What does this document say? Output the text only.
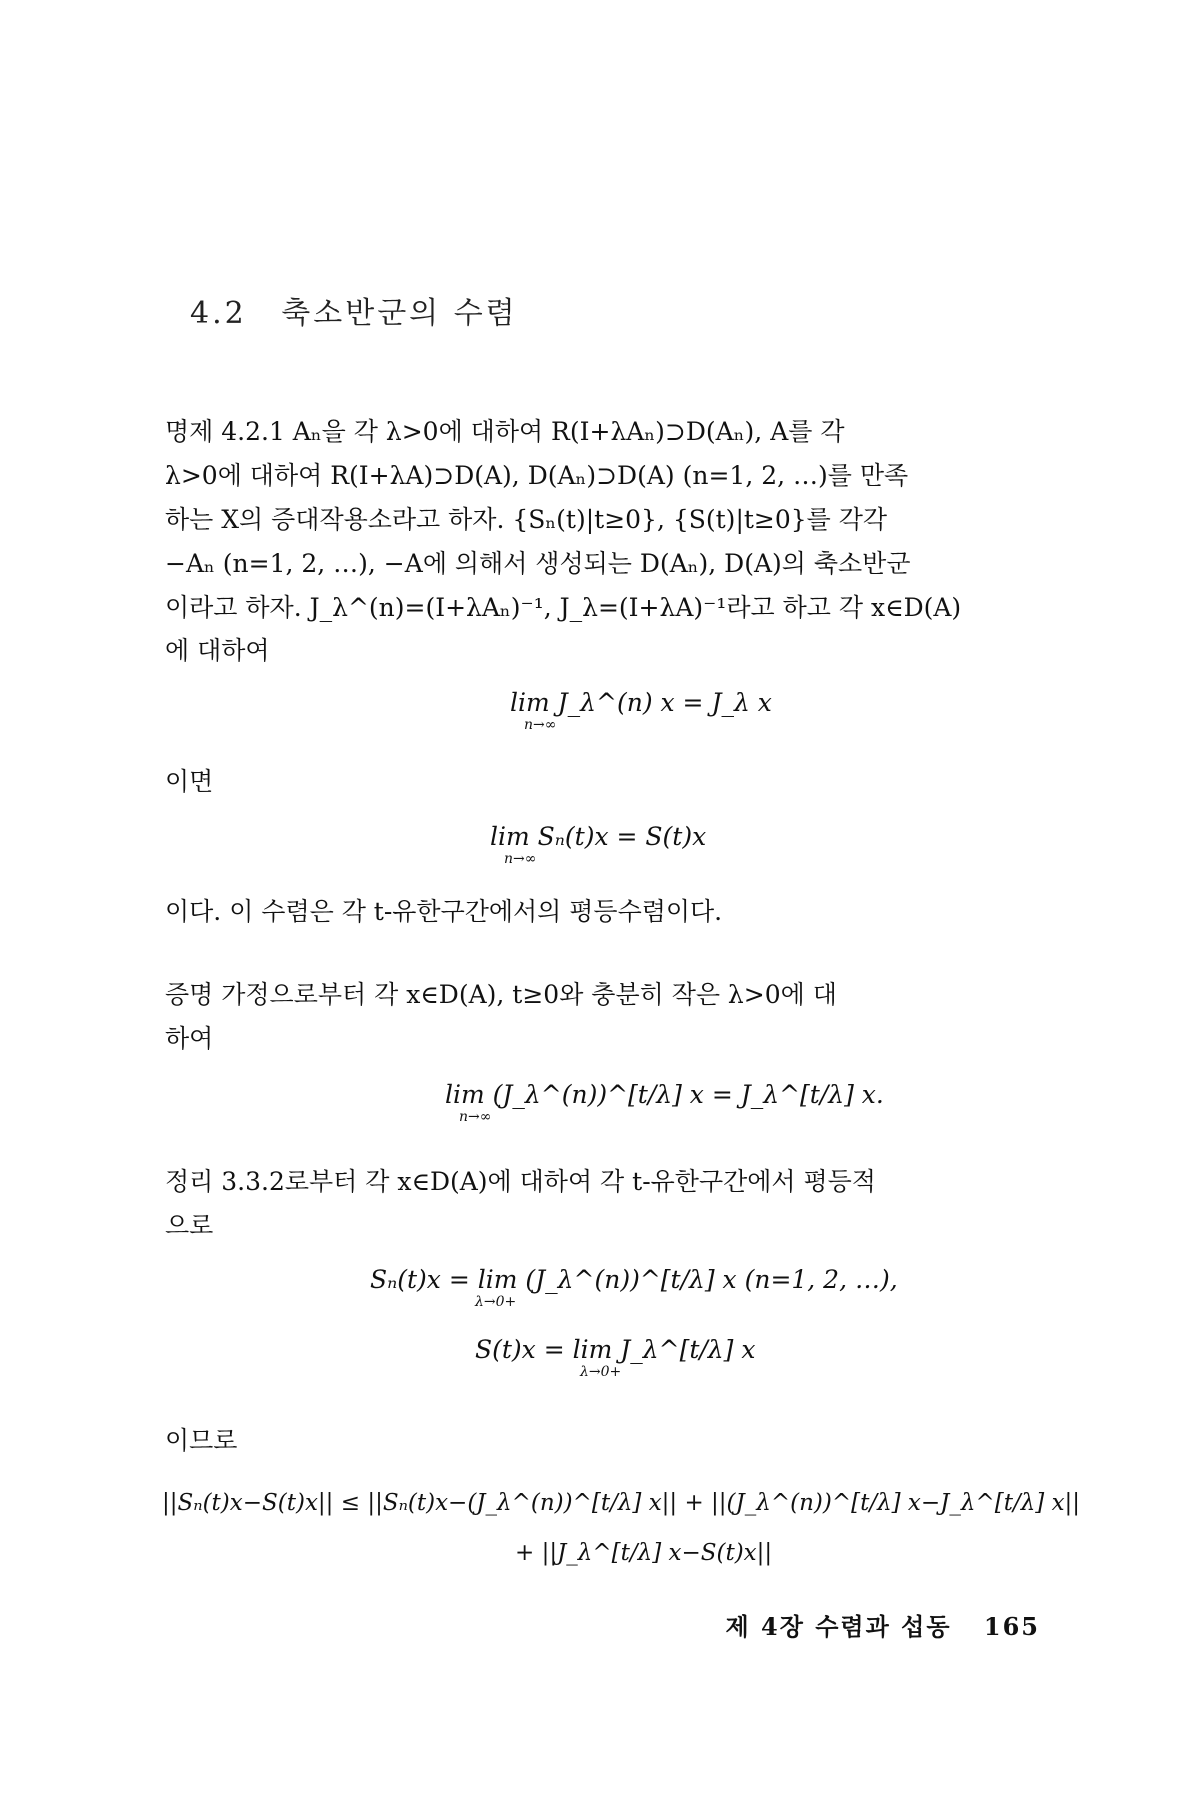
4.2 축소반군의 수렴
명제 4.2.1 Aₙ을 각 λ>0에 대하여 R(I+λAₙ)⊃D(Aₙ), A를 각
λ>0에 대하여 R(I+λA)⊃D(A), D(Aₙ)⊃D(A) (n=1, 2, …)를 만족
하는 X의 증대작용소라고 하자. {Sₙ(t)|t≥0}, {S(t)|t≥0}를 각각
−Aₙ (n=1, 2, …), −A에 의해서 생성되는 D(Aₙ), D(A)의 축소반군
이라고 하자. J_λ^(n)=(I+λAₙ)⁻¹, J_λ=(I+λA)⁻¹라고 하고 각 x∈D(A)
에 대하여
lim J_λ^(n) x = J_λ x
n→∞
이면
lim Sₙ(t)x = S(t)x
n→∞
이다. 이 수렴은 각 t-유한구간에서의 평등수렴이다.
증명 가정으로부터 각 x∈D(A), t≥0와 충분히 작은 λ>0에 대
하여
lim (J_λ^(n))^[t/λ] x = J_λ^[t/λ] x.
n→∞
정리 3.3.2로부터 각 x∈D(A)에 대하여 각 t-유한구간에서 평등적
으로
Sₙ(t)x = lim (J_λ^(n))^[t/λ] x (n=1, 2, …),
λ→0+
S(t)x = lim J_λ^[t/λ] x
λ→0+
이므로
||Sₙ(t)x−S(t)x|| ≤ ||Sₙ(t)x−(J_λ^(n))^[t/λ] x|| + ||(J_λ^(n))^[t/λ] x−J_λ^[t/λ] x||
+ ||J_λ^[t/λ] x−S(t)x||
제 4장 수렴과 섭동 165
